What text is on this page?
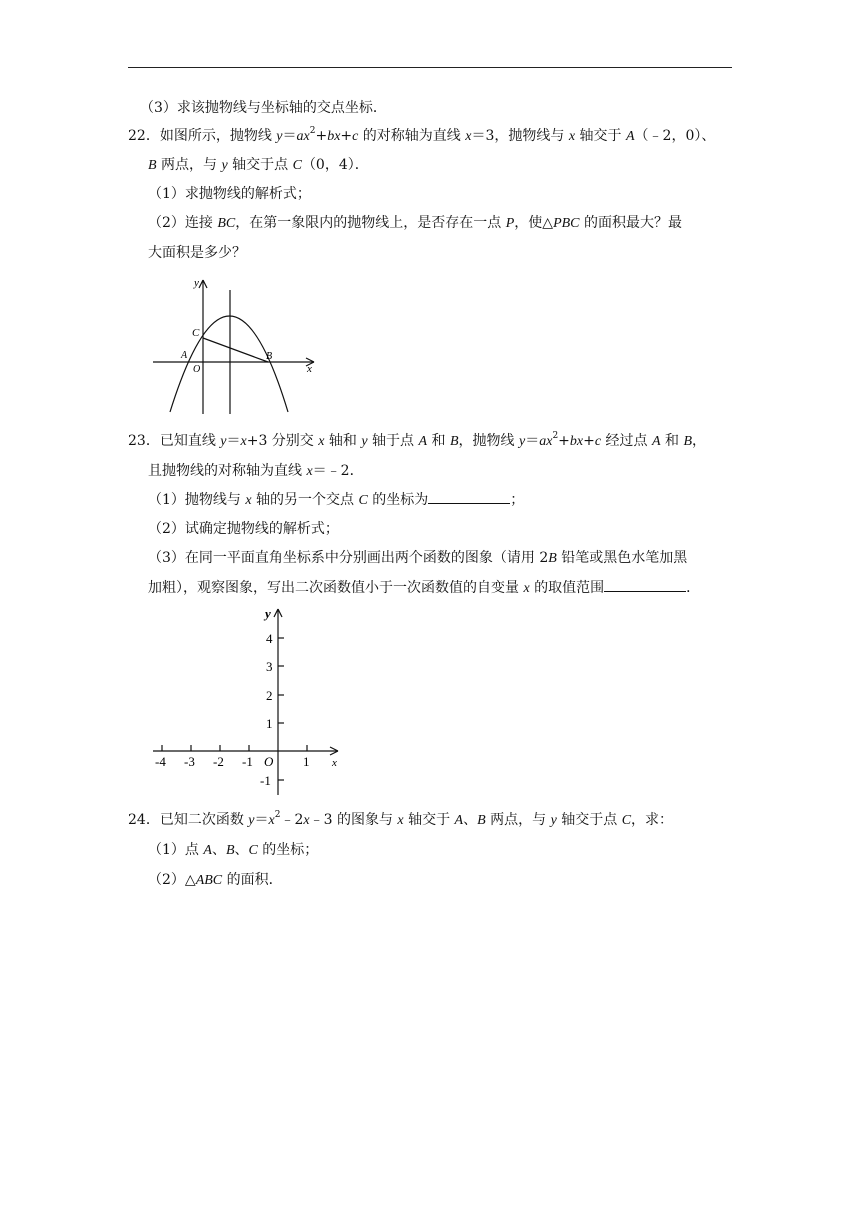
（3）求该抛物线与坐标轴的交点坐标．
22．如图所示，抛物线 $y=ax^2+bx+c$ 的对称轴为直线 x＝3，抛物线与 x 轴交于 A（﹣2，0）、
B 两点，与 y 轴交于点 C（0，4）．
（1）求抛物线的解析式；
（2）连接 BC，在第一象限内的抛物线上，是否存在一点 P，使△PBC 的面积最大？最
大面积是多少？
y
x
C
A
O
B
23．已知直线 y＝x+3 分别交 x 轴和 y 轴于点 A 和 B，抛物线 $y=ax^2+bx+c$ 经过点 A 和 B，
且抛物线的对称轴为直线 x＝﹣2．
（1）抛物线与 x 轴的另一个交点 C 的坐标为	；
（2）试确定抛物线的解析式；
（3）在同一平面直角坐标系中分别画出两个函数的图象（请用 2B 铅笔或黑色水笔加黑
加粗），观察图象，写出二次函数值小于一次函数值的自变量 x 的取值范围	．
y
x
O
4
3
2
1
-1
-4 -3 -2 -1	1
24．已知二次函数 $y=x^2﹣2x﹣3$ 的图象与 x 轴交于 A、B 两点，与 y 轴交于点 C，求：
（1）点 A、B、C 的坐标；
（2）△ABC 的面积．
